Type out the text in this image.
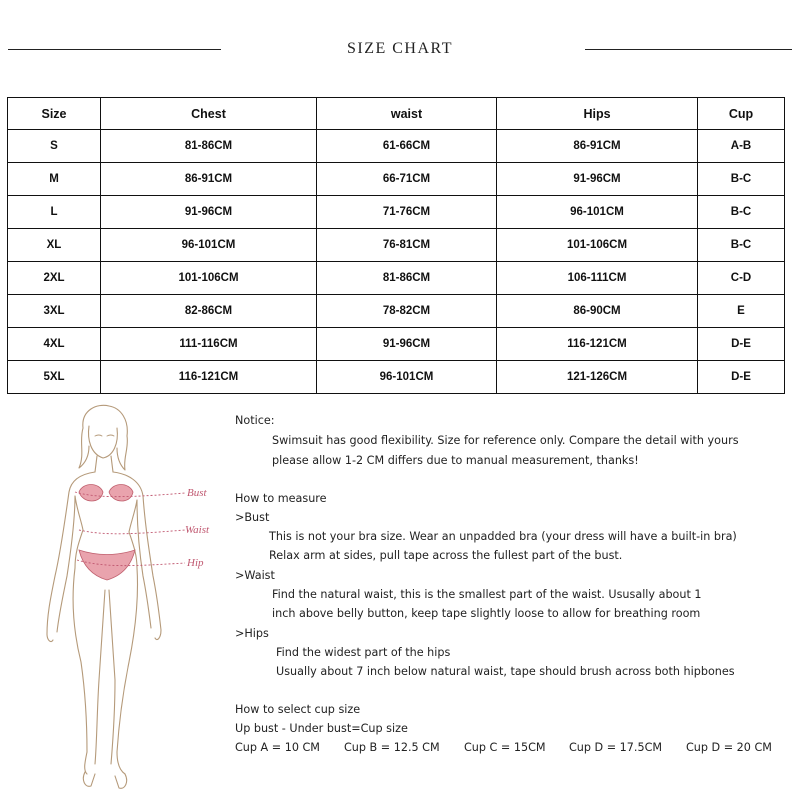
SIZE CHART
Size	Chest	waist	Hips	Cup
S	81-86CM	61-66CM	86-91CM	A-B
M	86-91CM	66-71CM	91-96CM	B-C
L	91-96CM	71-76CM	96-101CM	B-C
XL	96-101CM	76-81CM	101-106CM	B-C
2XL	101-106CM	81-86CM	106-111CM	C-D
3XL	82-86CM	78-82CM	86-90CM	E
4XL	111-116CM	91-96CM	116-121CM	D-E
5XL	116-121CM	96-101CM	121-126CM	D-E
Bust
Waist
Hip
Notice:
Swimsuit has good flexibility. Size for reference only. Compare the detail with yours
please allow 1-2 CM differs due to manual measurement, thanks!
How to measure
>Bust
This is not your bra size. Wear an unpadded bra (your dress will have a built-in bra)
Relax arm at sides, pull tape across the fullest part of the bust.
>Waist
Find the natural waist, this is the smallest part of the waist. Ususally about 1
inch above belly button, keep tape slightly loose to allow for breathing room
>Hips
Find the widest part of the hips
Usually about 7 inch below natural waist, tape should brush across both hipbones
How to select cup size
Up bust - Under bust=Cup size
Cup A = 10 CM Cup B = 12.5 CM Cup C = 15CM Cup D = 17.5CM Cup D = 20 CM
